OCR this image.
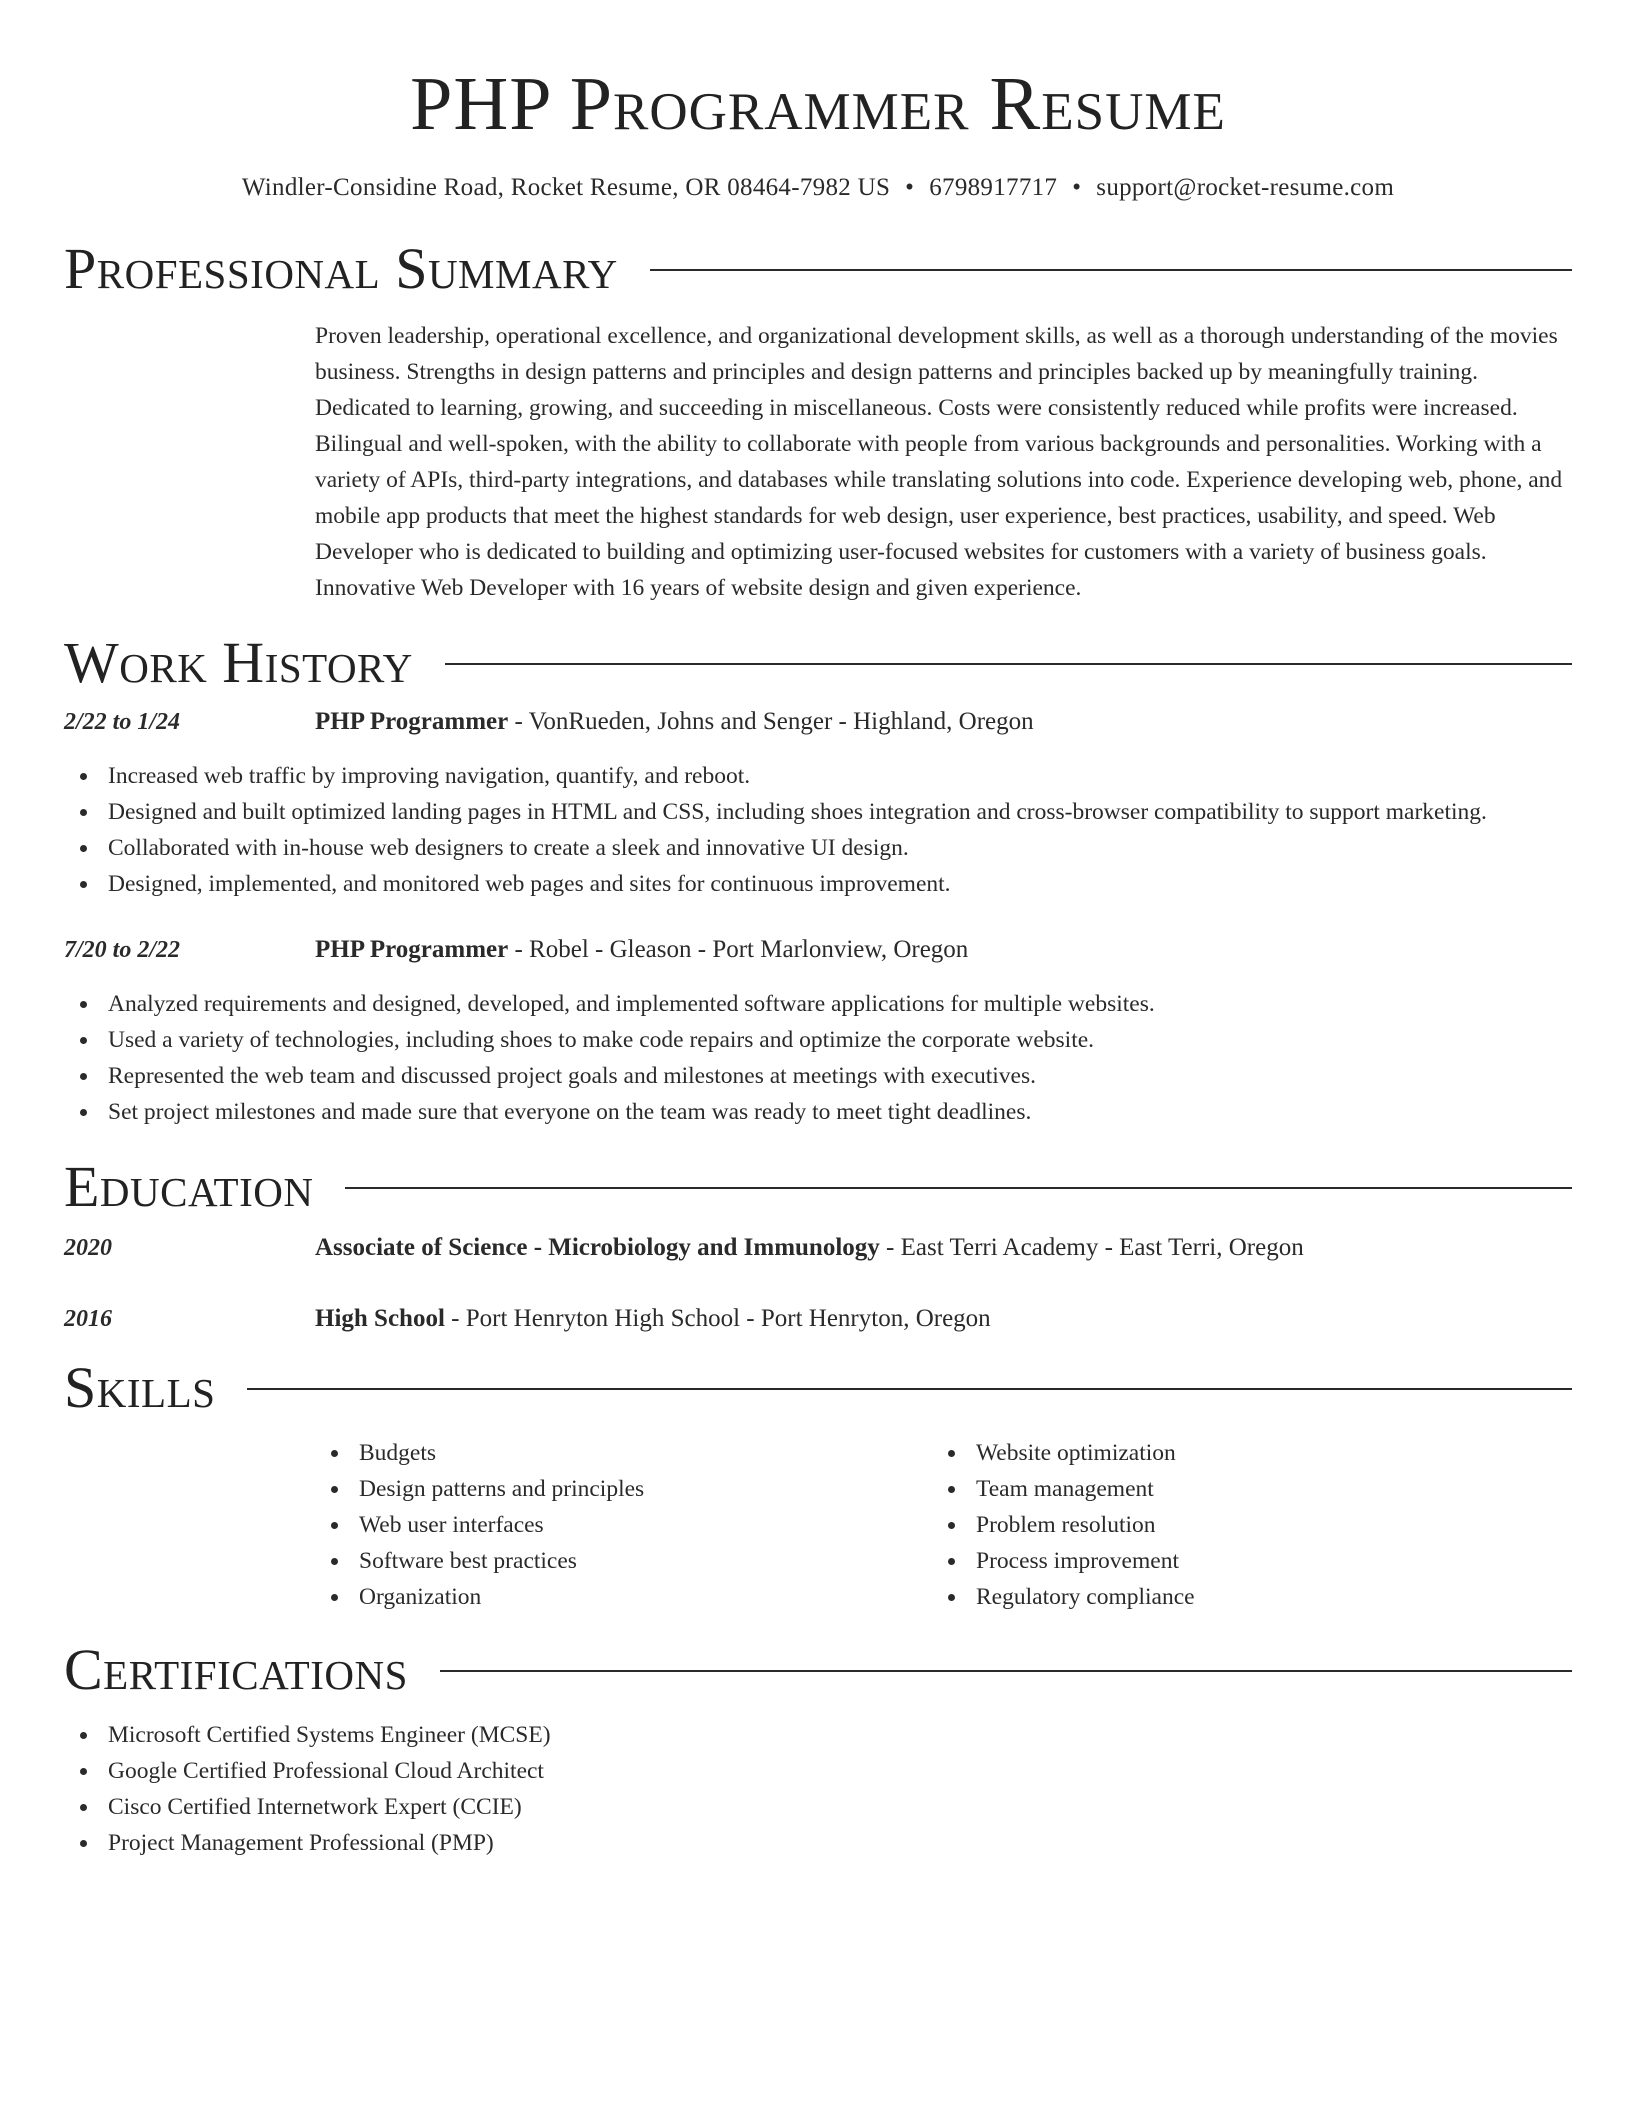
PHP Programmer Resume
Windler-Considine Road, Rocket Resume, OR 08464-7982 US • 6798917717 • support@rocket-resume.com
Professional Summary
Proven leadership, operational excellence, and organizational development skills, as well as a thorough understanding of the movies business. Strengths in design patterns and principles and design patterns and principles backed up by meaningfully training. Dedicated to learning, growing, and succeeding in miscellaneous. Costs were consistently reduced while profits were increased. Bilingual and well-spoken, with the ability to collaborate with people from various backgrounds and personalities. Working with a variety of APIs, third-party integrations, and databases while translating solutions into code. Experience developing web, phone, and mobile app products that meet the highest standards for web design, user experience, best practices, usability, and speed. Web Developer who is dedicated to building and optimizing user-focused websites for customers with a variety of business goals. Innovative Web Developer with 16 years of website design and given experience.
Work History
2/22 to 1/24	PHP Programmer - VonRueden, Johns and Senger - Highland, Oregon
Increased web traffic by improving navigation, quantify, and reboot.
Designed and built optimized landing pages in HTML and CSS, including shoes integration and cross-browser compatibility to support marketing.
Collaborated with in-house web designers to create a sleek and innovative UI design.
Designed, implemented, and monitored web pages and sites for continuous improvement.
7/20 to 2/22	PHP Programmer - Robel - Gleason - Port Marlonview, Oregon
Analyzed requirements and designed, developed, and implemented software applications for multiple websites.
Used a variety of technologies, including shoes to make code repairs and optimize the corporate website.
Represented the web team and discussed project goals and milestones at meetings with executives.
Set project milestones and made sure that everyone on the team was ready to meet tight deadlines.
Education
2020	Associate of Science - Microbiology and Immunology - East Terri Academy - East Terri, Oregon
2016	High School - Port Henryton High School - Port Henryton, Oregon
Skills
Budgets
Design patterns and principles
Web user interfaces
Software best practices
Organization
Website optimization
Team management
Problem resolution
Process improvement
Regulatory compliance
Certifications
Microsoft Certified Systems Engineer (MCSE)
Google Certified Professional Cloud Architect
Cisco Certified Internetwork Expert (CCIE)
Project Management Professional (PMP)
